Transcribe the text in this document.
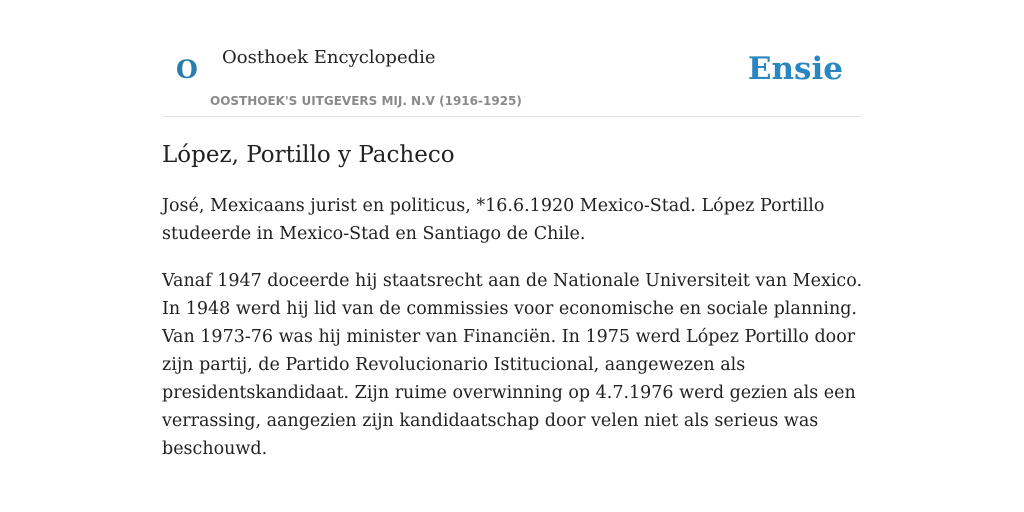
O Oosthoek Encyclopedie
OOSTHOEK'S UITGEVERS MIJ. N.V (1916-1925)
Ensie
López, Portillo y Pacheco

José, Mexicaans jurist en politicus, *16.6.1920 Mexico-Stad. López Portillo studeerde in Mexico-Stad en Santiago de Chile.

Vanaf 1947 doceerde hij staatsrecht aan de Nationale Universiteit van Mexico. In 1948 werd hij lid van de commissies voor economische en sociale planning. Van 1973-76 was hij minister van Financiën. In 1975 werd López Portillo door zijn partij, de Partido Revolucionario Istitucional, aangewezen als presidentskandidaat. Zijn ruime overwinning op 4.7.1976 werd gezien als een verrassing, aangezien zijn kandidaatschap door velen niet als serieus was beschouwd.
